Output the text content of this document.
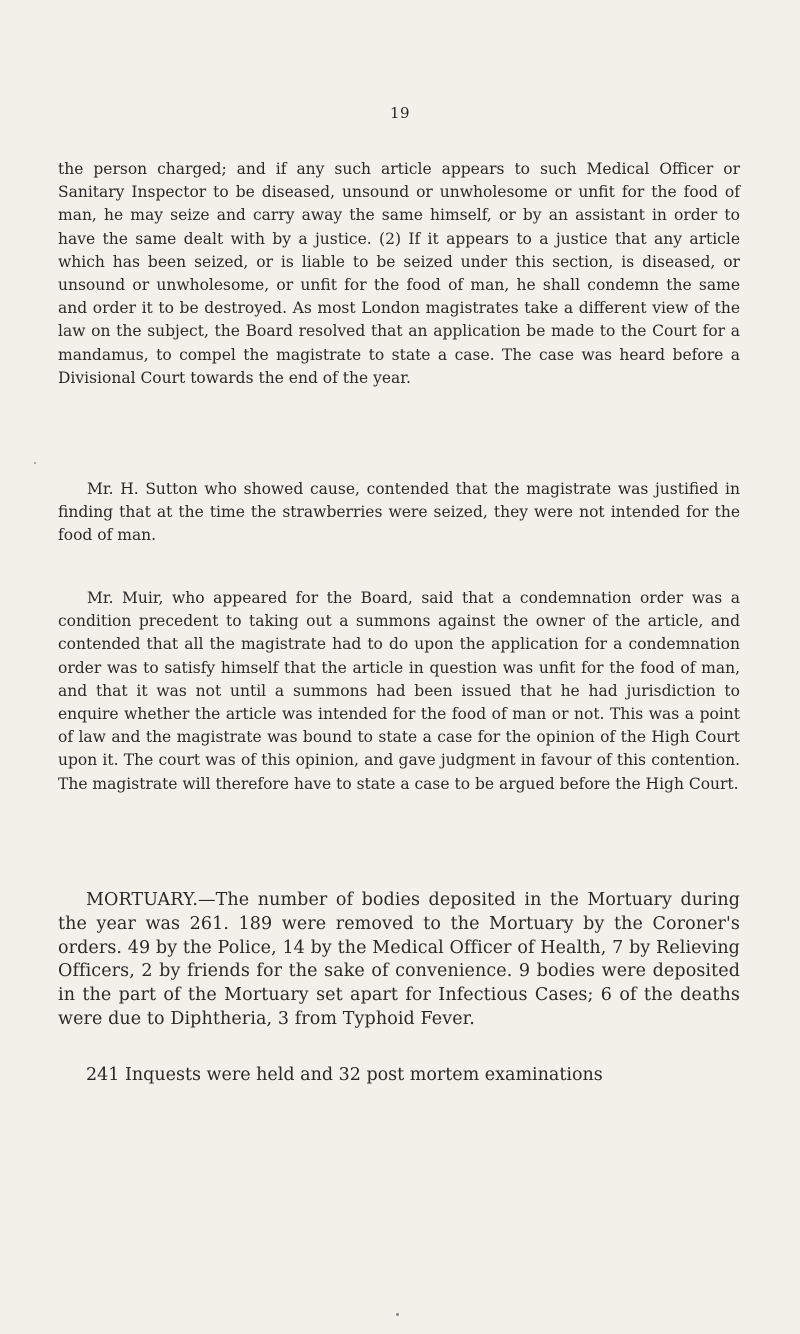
19

the person charged; and if any such article appears to such Medical Officer or Sanitary Inspector to be diseased, unsound or unwholesome or unfit for the food of man, he may seize and carry away the same himself, or by an assistant in order to have the same dealt with by a justice. (2) If it appears to a justice that any article which has been seized, or is liable to be seized under this section, is diseased, or unsound or unwholesome, or unfit for the food of man, he shall condemn the same and order it to be destroyed. As most London magistrates take a different view of the law on the subject, the Board resolved that an application be made to the Court for a mandamus, to compel the magistrate to state a case. The case was heard before a Divisional Court towards the end of the year.

Mr. H. Sutton who showed cause, contended that the magistrate was justified in finding that at the time the strawberries were seized, they were not intended for the food of man.

Mr. Muir, who appeared for the Board, said that a condemnation order was a condition precedent to taking out a summons against the owner of the article, and contended that all the magistrate had to do upon the application for a condemnation order was to satisfy himself that the article in question was unfit for the food of man, and that it was not until a summons had been issued that he had jurisdiction to enquire whether the article was intended for the food of man or not. This was a point of law and the magistrate was bound to state a case for the opinion of the High Court upon it. The court was of this opinion, and gave judgment in favour of this contention. The magistrate will therefore have to state a case to be argued before the High Court.

MORTUARY.—The number of bodies deposited in the Mortuary during the year was 261. 189 were removed to the Mortuary by the Coroner's orders. 49 by the Police, 14 by the Medical Officer of Health, 7 by Relieving Officers, 2 by friends for the sake of convenience. 9 bodies were deposited in the part of the Mortuary set apart for Infectious Cases; 6 of the deaths were due to Diphtheria, 3 from Typhoid Fever.

241 Inquests were held and 32 post mortem examinations
